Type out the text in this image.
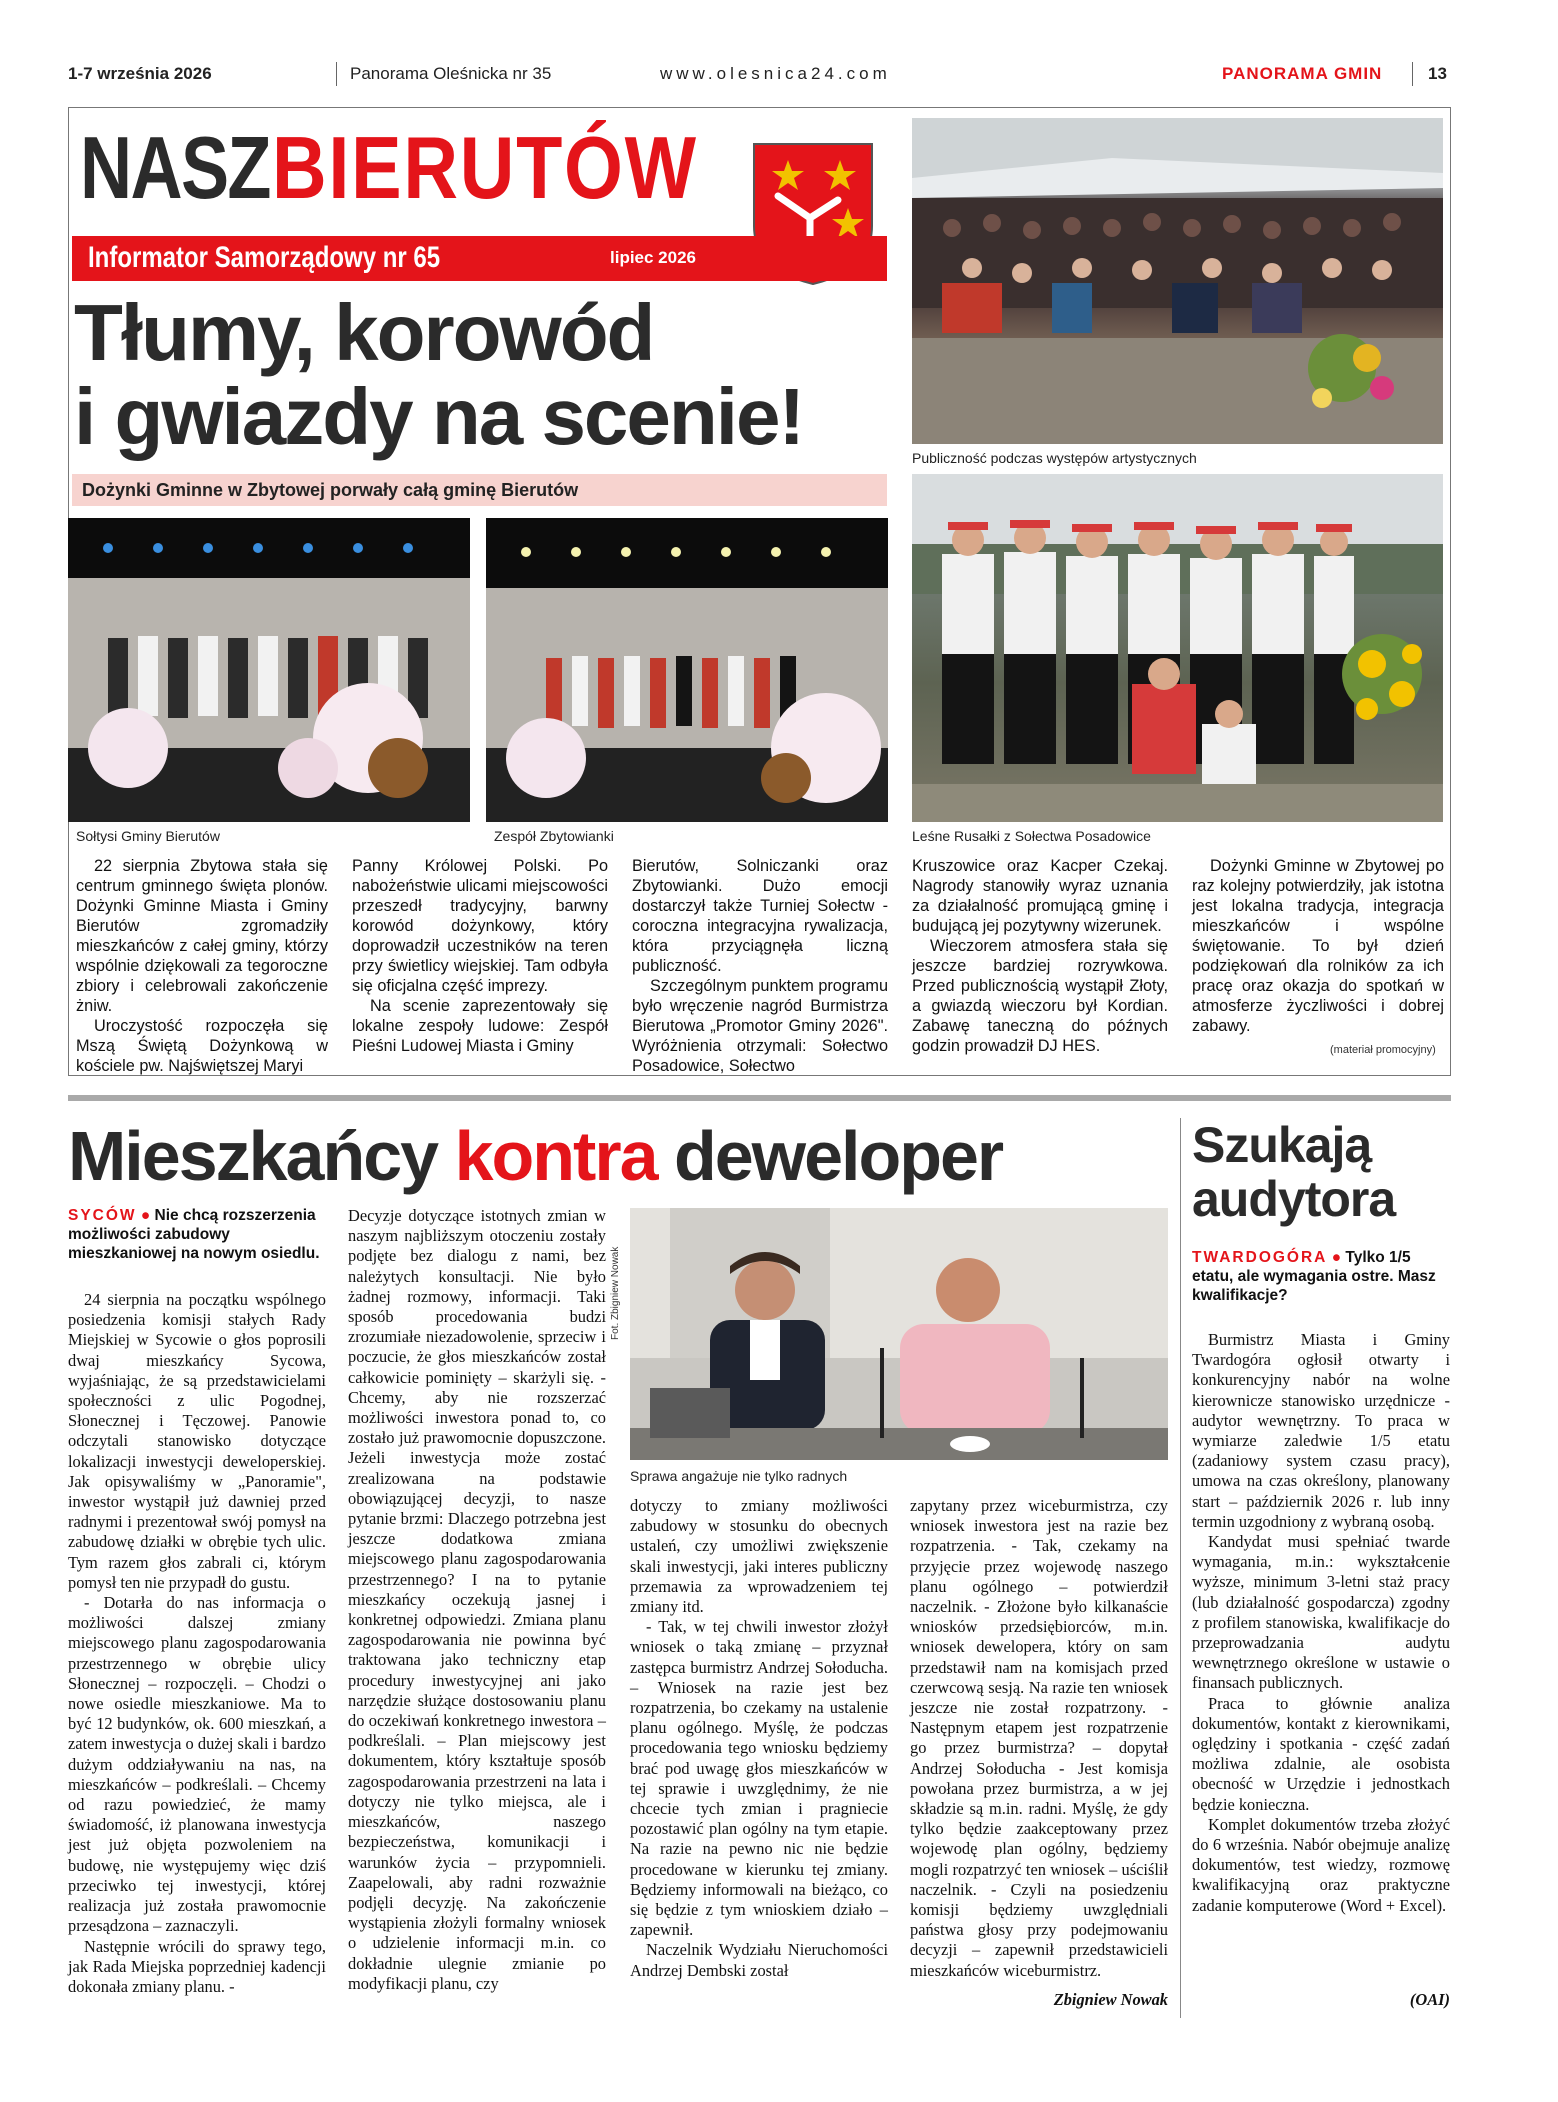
1-7 września 2026	Panorama Oleśnicka nr 35	www.olesnica24.com	PANORAMA GMIN	13
NASZ BIERUTÓW
Informator Samorządowy nr 65	lipiec 2026
Tłumy, korowód
i gwiazdy na scenie!
Dożynki Gminne w Zbytowej porwały całą gminę Bierutów
Publiczność podczas występów artystycznych
Leśne Rusałki z Sołectwa Posadowice
Sołtysi Gminy Bierutów	Zespół Zbytowianki

22 sierpnia Zbytowa stała się centrum gminnego święta plonów. Dożynki Gminne Miasta i Gminy Bierutów zgromadziły mieszkańców z całej gminy, którzy wspólnie dziękowali za tegoroczne zbiory i celebrowali zakończenie żniw.

Uroczystość rozpoczęła się Mszą Świętą Dożynkową w kościele pw. Najświętszej Maryi

Panny Królowej Polski. Po nabożeństwie ulicami miejscowości przeszedł tradycyjny, barwny korowód dożynkowy, który doprowadził uczestników na teren przy świetlicy wiejskiej. Tam odbyła się oficjalna część imprezy.

Na scenie zaprezentowały się lokalne zespoły ludowe: Zespół Pieśni Ludowej Miasta i Gminy

Bierutów, Solniczanki oraz Zbytowianki. Dużo emocji dostarczył także Turniej Sołectw - coroczna integracyjna rywalizacja, która przyciągnęła liczną publiczność.

Szczególnym punktem programu było wręczenie nagród Burmistrza Bierutowa „Promotor Gminy 2026". Wyróżnienia otrzymali: Sołectwo Posadowice, Sołectwo

Kruszowice oraz Kacper Czekaj. Nagrody stanowiły wyraz uznania za działalność promującą gminę i budującą jej pozytywny wizerunek.

Wieczorem atmosfera stała się jeszcze bardziej rozrywkowa. Przed publicznością wystąpił Złoty, a gwiazdą wieczoru był Kordian. Zabawę taneczną do późnych godzin prowadził DJ HES.

Dożynki Gminne w Zbytowej po raz kolejny potwierdziły, jak istotna jest lokalna tradycja, integracja mieszkańców i wspólne świętowanie. To był dzień podziękowań dla rolników za ich pracę oraz okazja do spotkań w atmosferze życzliwości i dobrej zabawy.

(materiał promocyjny)
Mieszkańcy kontra deweloper
SYCÓW ● Nie chcą rozszerzenia możliwości zabudowy mieszkaniowej na nowym osiedlu.

24 sierpnia na początku wspólnego posiedzenia komisji stałych Rady Miejskiej w Sycowie o głos poprosili dwaj mieszkańcy Sycowa, wyjaśniając, że są przedstawicielami społeczności z ulic Pogodnej, Słonecznej i Tęczowej. Panowie odczytali stanowisko dotyczące lokalizacji inwestycji deweloperskiej. Jak opisywaliśmy w „Panoramie", inwestor wystąpił już dawniej przed radnymi i prezentował swój pomysł na zabudowę działki w obrębie tych ulic. Tym razem głos zabrali ci, którym pomysł ten nie przypadł do gustu.

- Dotarła do nas informacja o możliwości dalszej zmiany miejscowego planu zagospodarowania przestrzennego w obrębie ulicy Słonecznej – rozpoczęli. – Chodzi o nowe osiedle mieszkaniowe. Ma to być 12 budynków, ok. 600 mieszkań, a zatem inwestycja o dużej skali i bardzo dużym oddziaływaniu na nas, na mieszkańców – podkreślali. – Chcemy od razu powiedzieć, że mamy świadomość, iż planowana inwestycja jest już objęta pozwoleniem na budowę, nie występujemy więc dziś przeciwko tej inwestycji, której realizacja już została prawomocnie przesądzona – zaznaczyli.

Następnie wrócili do sprawy tego, jak Rada Miejska poprzedniej kadencji dokonała zmiany planu. -

Decyzje dotyczące istotnych zmian w naszym najbliższym otoczeniu zostały podjęte bez dialogu z nami, bez należytych konsultacji. Nie było żadnej rozmowy, informacji. Taki sposób procedowania budzi zrozumiałe niezadowolenie, sprzeciw i poczucie, że głos mieszkańców został całkowicie pominięty – skarżyli się. - Chcemy, aby nie rozszerzać możliwości inwestora ponad to, co zostało już prawomocnie dopuszczone. Jeżeli inwestycja może zostać zrealizowana na podstawie obowiązującej decyzji, to nasze pytanie brzmi: Dlaczego potrzebna jest jeszcze dodatkowa zmiana miejscowego planu zagospodarowania przestrzennego? I na to pytanie mieszkańcy oczekują jasnej i konkretnej odpowiedzi. Zmiana planu zagospodarowania nie powinna być traktowana jako techniczny etap procedury inwestycyjnej ani jako narzędzie służące dostosowaniu planu do oczekiwań konkretnego inwestora – podkreślali. – Plan miejscowy jest dokumentem, który kształtuje sposób zagospodarowania przestrzeni na lata i dotyczy nie tylko miejsca, ale i mieszkańców, naszego bezpieczeństwa, komunikacji i warunków życia – przypomnieli. Zaapelowali, aby radni rozważnie podjęli decyzję. Na zakończenie wystąpienia złożyli formalny wniosek o udzielenie informacji m.in. co dokładnie ulegnie zmianie po modyfikacji planu, czy

Fot. Zbigniew Nowak
Sprawa angażuje nie tylko radnych

dotyczy to zmiany możliwości zabudowy w stosunku do obecnych ustaleń, czy umożliwi zwiększenie skali inwestycji, jaki interes publiczny przemawia za wprowadzeniem tej zmiany itd.

- Tak, w tej chwili inwestor złożył wniosek o taką zmianę – przyznał zastępca burmistrz Andrzej Sołoducha. – Wniosek na razie jest bez rozpatrzenia, bo czekamy na ustalenie planu ogólnego. Myślę, że podczas procedowania tego wniosku będziemy brać pod uwagę głos mieszkańców w tej sprawie i uwzględnimy, że nie chcecie tych zmian i pragniecie pozostawić plan ogólny na tym etapie. Na razie na pewno nic nie będzie procedowane w kierunku tej zmiany. Będziemy informowali na bieżąco, co się będzie z tym wnioskiem działo – zapewnił.

Naczelnik Wydziału Nieruchomości Andrzej Dembski został

zapytany przez wiceburmistrza, czy wniosek inwestora jest na razie bez rozpatrzenia. - Tak, czekamy na przyjęcie przez wojewodę naszego planu ogólnego – potwierdził naczelnik. - Złożone było kilkanaście wniosków przedsiębiorców, m.in. wniosek dewelopera, który on sam przedstawił nam na komisjach przed czerwcową sesją. Na razie ten wniosek jeszcze nie został rozpatrzony. - Następnym etapem jest rozpatrzenie go przez burmistrza? – dopytał Andrzej Sołoducha - Jest komisja powołana przez burmistrza, a w jej składzie są m.in. radni. Myślę, że gdy tylko będzie zaakceptowany przez wojewodę plan ogólny, będziemy mogli rozpatrzyć ten wniosek – uściślił naczelnik. - Czyli na posiedzeniu komisji będziemy uwzględniali państwa głosy przy podejmowaniu decyzji – zapewnił przedstawicieli mieszkańców wiceburmistrz.

Zbigniew Nowak
Szukają
audytora
TWARDOGÓRA ● Tylko 1/5 etatu, ale wymagania ostre. Masz kwalifikacje?

Burmistrz Miasta i Gminy Twardogóra ogłosił otwarty i konkurencyjny nabór na wolne kierownicze stanowisko urzędnicze - audytor wewnętrzny. To praca w wymiarze zaledwie 1/5 etatu (zadaniowy system czasu pracy), umowa na czas określony, planowany start – październik 2026 r. lub inny termin uzgodniony z wybraną osobą.

Kandydat musi spełniać twarde wymagania, m.in.: wykształcenie wyższe, minimum 3-letni staż pracy (lub działalność gospodarcza) zgodny z profilem stanowiska, kwalifikacje do przeprowadzania audytu wewnętrznego określone w ustawie o finansach publicznych.

Praca to głównie analiza dokumentów, kontakt z kierownikami, oględziny i spotkania - część zadań możliwa zdalnie, ale osobista obecność w Urzędzie i jednostkach będzie konieczna.

Komplet dokumentów trzeba złożyć do 6 września. Nabór obejmuje analizę dokumentów, test wiedzy, rozmowę kwalifikacyjną oraz praktyczne zadanie komputerowe (Word + Excel).

(OAI)
